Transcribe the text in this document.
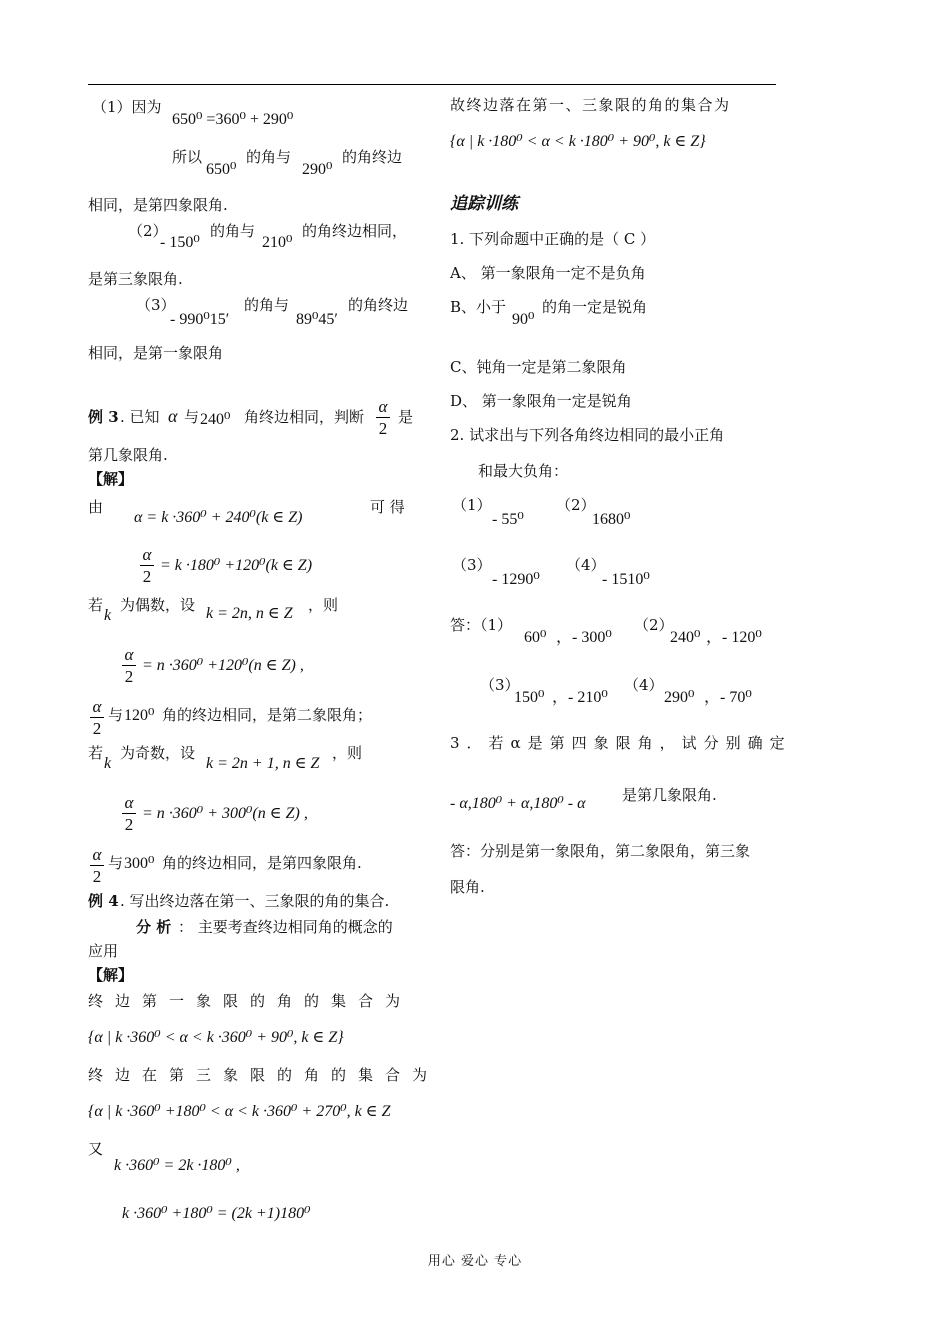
（1）因为
650⁰ =360⁰ + 290⁰
所以
650⁰
的角与
290⁰
的角终边
相同，是第四象限角.
（2）
- 150⁰
的角与
210⁰
的角终边相同，
是第三象限角.
（3）
- 990⁰15′
的角与
89⁰45′
的角终边
相同，是第一象限角
例 3 . 已知 α 与 240⁰ 角终边相同，判断
α
2
是
第几象限角.
【解】
由
α = k ·360⁰ + 240⁰(k ∈ Z)
可 得
α
2
= k ·180⁰ +120⁰(k ∈ Z)
若
k
为偶数，设 k = 2n, n ∈ Z ，则
α
2
= n ·360⁰ +120⁰(n ∈ Z) ,
α
2
与 120⁰ 角的终边相同，是第二象限角；
若
k
为奇数，设
k = 2n + 1, n ∈ Z
，则
α
2
= n ·360⁰ + 300⁰(n ∈ Z) ,
α
2
与 300⁰ 角的终边相同，是第四象限角.
例 4 . 写出终边落在第一、三象限的角的集合.
分 析 ： 主要考查终边相同角的概念的
应用
【解】
终边第一象限的角的集合为
{α | k ·360⁰ < α < k ·360⁰ + 90⁰, k ∈ Z}
终边在第三象限的角的集合为
{α | k ·360⁰ +180⁰ < α < k ·360⁰ + 270⁰, k ∈ Z
又
k ·360⁰ = 2k ·180⁰ ,
k ·360⁰ +180⁰ = (2k +1)180⁰
故终边落在第一、三象限的角的集合为
{α | k ·180⁰ < α < k ·180⁰ + 90⁰, k ∈ Z}
追踪训练
1. 下列命题中正确的是（ C ）
A、 第一象限角一定不是负角
B、小于
90⁰
的角一定是锐角
C、钝角一定是第二象限角
D、 第一象限角一定是锐角
2. 试求出与下列各角终边相同的最小正角
和最大负角：
（1）
- 55⁰
（2）
1680⁰
（3）
- 1290⁰
（4）
- 1510⁰
答：（1）
60⁰ ，- 300⁰
（2）
240⁰ ，- 120⁰
（3）
150⁰ ，- 210⁰
（4）
290⁰ ，- 70⁰
3．若α是第四象限角，试分别确定
- α,180⁰ + α,180⁰ - α 是第几象限角.
答：分别是第一象限角，第二象限角，第三象
限角.
用心 爱心 专心
